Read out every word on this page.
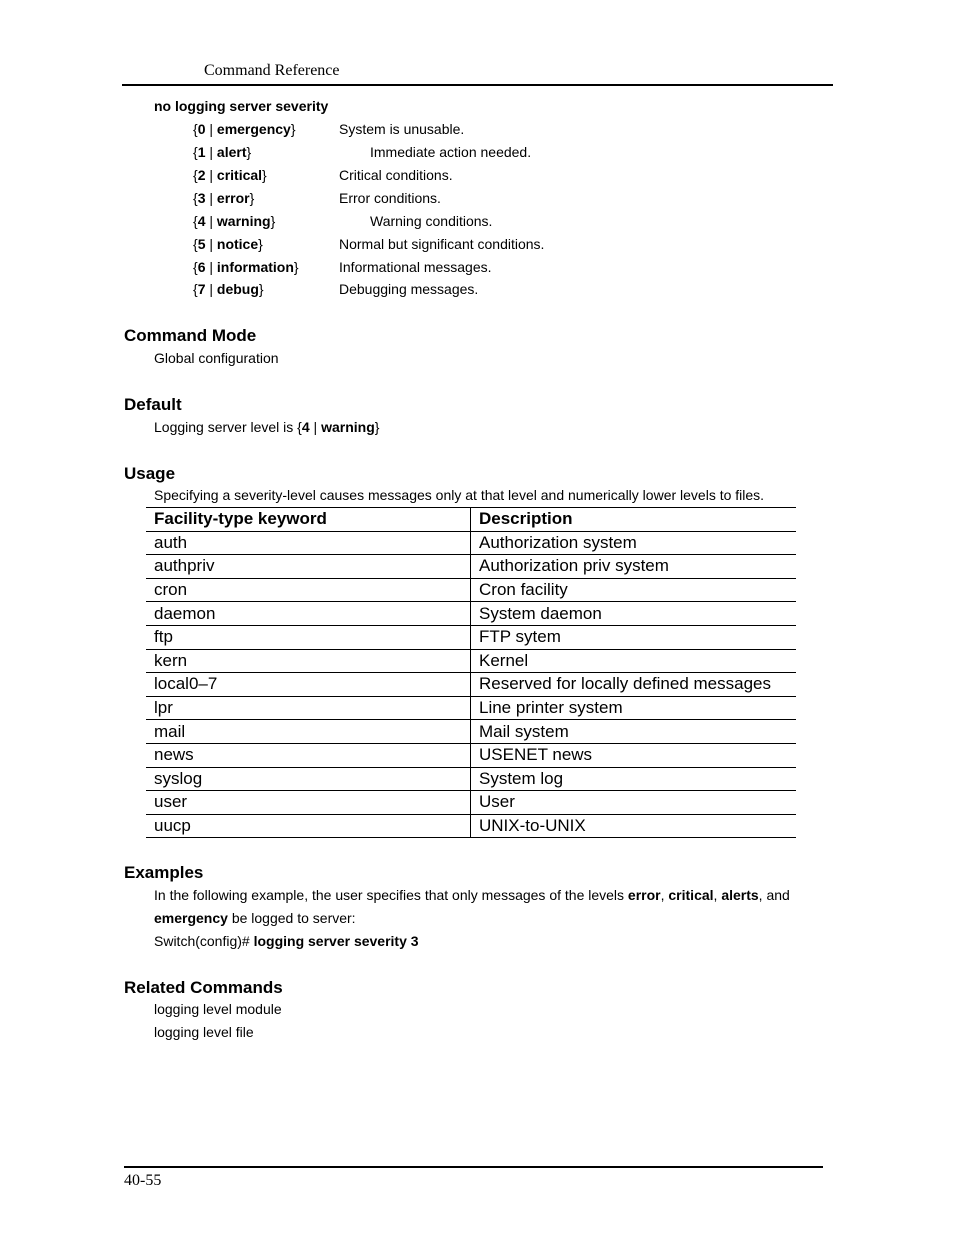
Command Reference
no logging server severity
{0 | emergency}	System is unusable.
{1 | alert}	Immediate action needed.
{2 | critical}	Critical conditions.
{3 | error}	Error conditions.
{4 | warning}	Warning conditions.
{5 | notice}	Normal but significant conditions.
{6 | information}	Informational messages.
{7 | debug}	Debugging messages.
Command Mode
Global configuration
Default
Logging server level is {4 | warning}
Usage
Specifying a severity-level causes messages only at that level and numerically lower levels to files.
Facility-type keyword	Description
auth	Authorization system
authpriv	Authorization priv system
cron	Cron facility
daemon	System daemon
ftp	FTP sytem
kern	Kernel
local0–7	Reserved for locally defined messages
lpr	Line printer system
mail	Mail system
news	USENET news
syslog	System log
user	User
uucp	UNIX-to-UNIX
Examples
In the following example, the user specifies that only messages of the levels error, critical, alerts, and
emergency be logged to server:
Switch(config)# logging server severity 3
Related Commands
logging level module
logging level file
40-55
